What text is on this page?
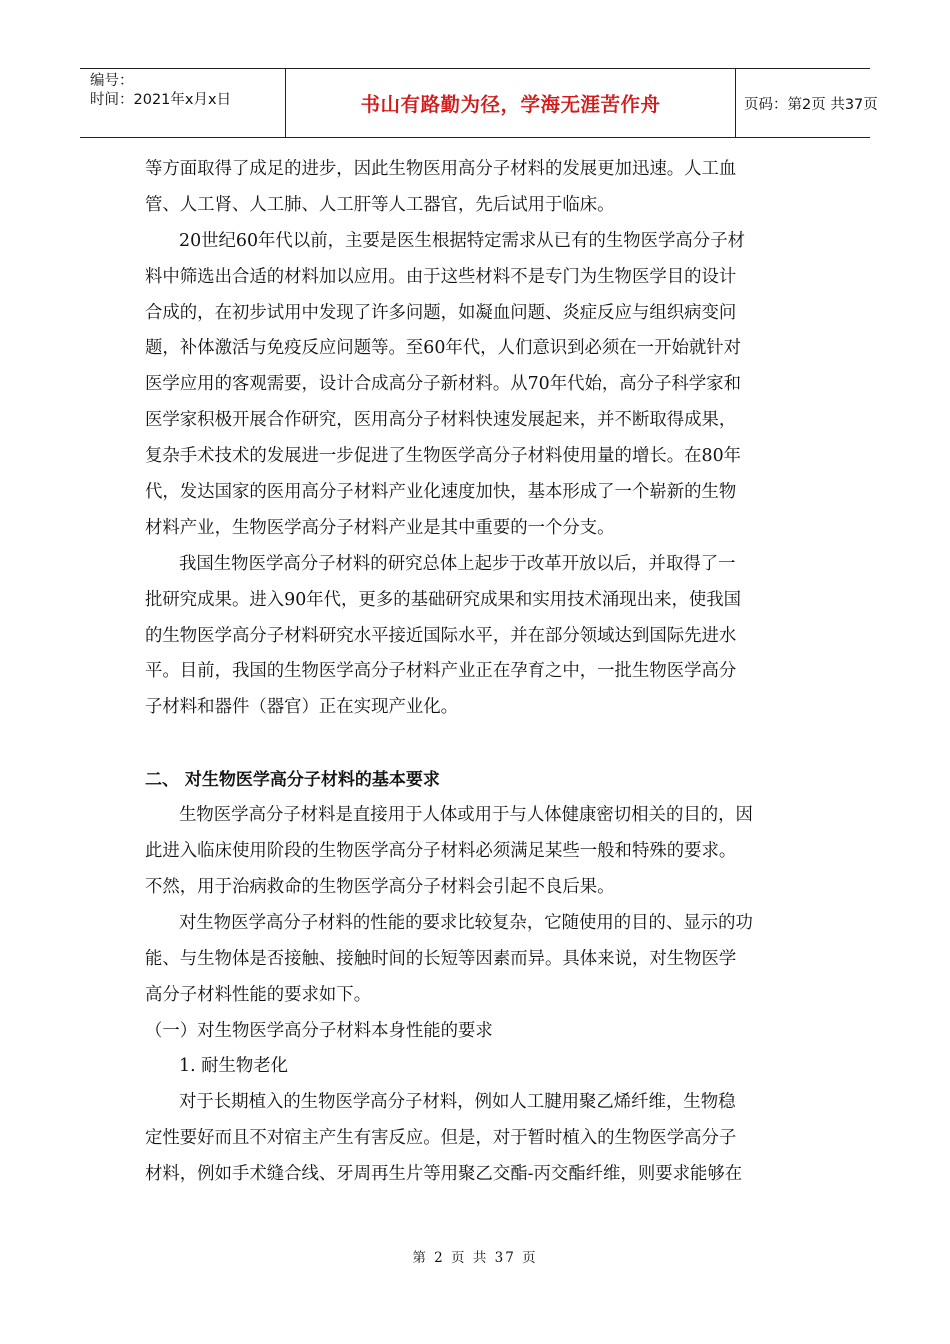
编号：
时间：2021年x月x日	书山有路勤为径，学海无涯苦作舟	页码：第2页 共37页
等方面取得了成足的进步，因此生物医用高分子材料的发展更加迅速。人工血
管、人工肾、人工肺、人工肝等人工器官，先后试用于临床。
20世纪60年代以前，主要是医生根据特定需求从已有的生物医学高分子材
料中筛选出合适的材料加以应用。由于这些材料不是专门为生物医学目的设计
合成的，在初步试用中发现了许多问题，如凝血问题、炎症反应与组织病变问
题，补体激活与免疫反应问题等。至60年代，人们意识到必须在一开始就针对
医学应用的客观需要，设计合成高分子新材料。从70年代始，高分子科学家和
医学家积极开展合作研究，医用高分子材料快速发展起来，并不断取得成果，
复杂手术技术的发展进一步促进了生物医学高分子材料使用量的增长。在80年
代，发达国家的医用高分子材料产业化速度加快，基本形成了一个崭新的生物
材料产业，生物医学高分子材料产业是其中重要的一个分支。
我国生物医学高分子材料的研究总体上起步于改革开放以后，并取得了一
批研究成果。进入90年代，更多的基础研究成果和实用技术涌现出来，使我国
的生物医学高分子材料研究水平接近国际水平，并在部分领域达到国际先进水
平。目前，我国的生物医学高分子材料产业正在孕育之中，一批生物医学高分
子材料和器件（器官）正在实现产业化。
二、 对生物医学高分子材料的基本要求
生物医学高分子材料是直接用于人体或用于与人体健康密切相关的目的，因
此进入临床使用阶段的生物医学高分子材料必须满足某些一般和特殊的要求。
不然，用于治病救命的生物医学高分子材料会引起不良后果。
对生物医学高分子材料的性能的要求比较复杂，它随使用的目的、显示的功
能、与生物体是否接触、接触时间的长短等因素而异。具体来说，对生物医学
高分子材料性能的要求如下。
（一）对生物医学高分子材料本身性能的要求
1. 耐生物老化
对于长期植入的生物医学高分子材料，例如人工腱用聚乙烯纤维，生物稳
定性要好而且不对宿主产生有害反应。但是，对于暂时植入的生物医学高分子
材料，例如手术缝合线、牙周再生片等用聚乙交酯-丙交酯纤维，则要求能够在
第 2 页 共 37 页
